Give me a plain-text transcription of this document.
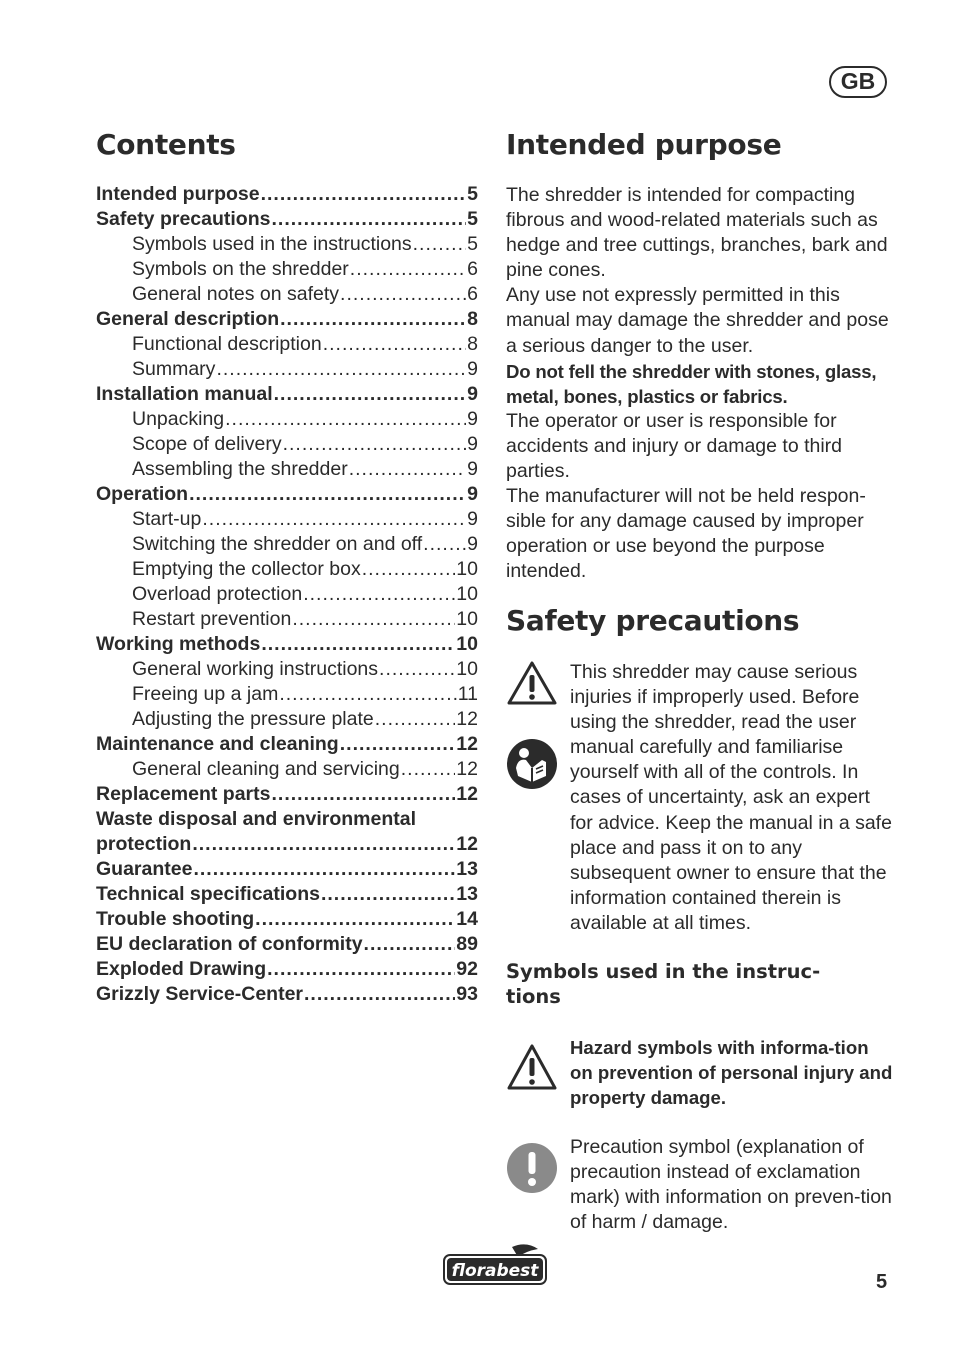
GB
Contents
Intended purpose .....	5
Safety precautions .....	5
Symbols used in the instructions .....	5
Symbols on the shredder .....	6
General notes on safety .....	6
General description .....	8
Functional description .....	8
Summary .....	9
Installation manual .....	9
Unpacking .....	9
Scope of delivery .....	9
Assembling the shredder .....	9
Operation .....	9
Start-up .....	9
Switching the shredder on and off ..... 9
Emptying the collector box .....	10
Overload protection .....	10
Restart prevention .....	10
Working methods .....	10
General working instructions .....	10
Freeing up a jam .....	11
Adjusting the pressure plate .....	12
Maintenance and cleaning .....	12
General cleaning and servicing .....	12
Replacement parts .....	12
Waste disposal and environmental
protection .....	12
Guarantee .....	13
Technical specifications .....	13
Trouble shooting .....	14
EU declaration of conformity .....	89
Exploded Drawing .....	92
Grizzly Service-Center .....	93
Intended purpose

The shredder is intended for compacting fibrous and wood-related materials such as hedge and tree cuttings, branches, bark and pine cones.

Any use not expressly permitted in this manual may damage the shredder and pose a serious danger to the user.

Do not fell the shredder with stones, glass, metal, bones, plastics or fabrics.

The operator or user is responsible for accidents and injury or damage to third parties.

The manufacturer will not be held respon-sible for any damage caused by improper operation or use beyond the purpose intended.

Safety precautions
This shredder may cause serious injuries if improperly used. Before using the shredder, read the user manual carefully and familiarise yourself with all of the controls. In cases of uncertainty, ask an expert for advice. Keep the manual in a safe place and pass it on to any subsequent owner to ensure that the information contained therein is available at all times.
Symbols used in the instruc-tions
Hazard symbols with informa-tion on prevention of personal injury and property damage.
Precaution symbol (explanation of precaution instead of exclamation mark) with information on preven-tion of harm / damage.
florabest	5
